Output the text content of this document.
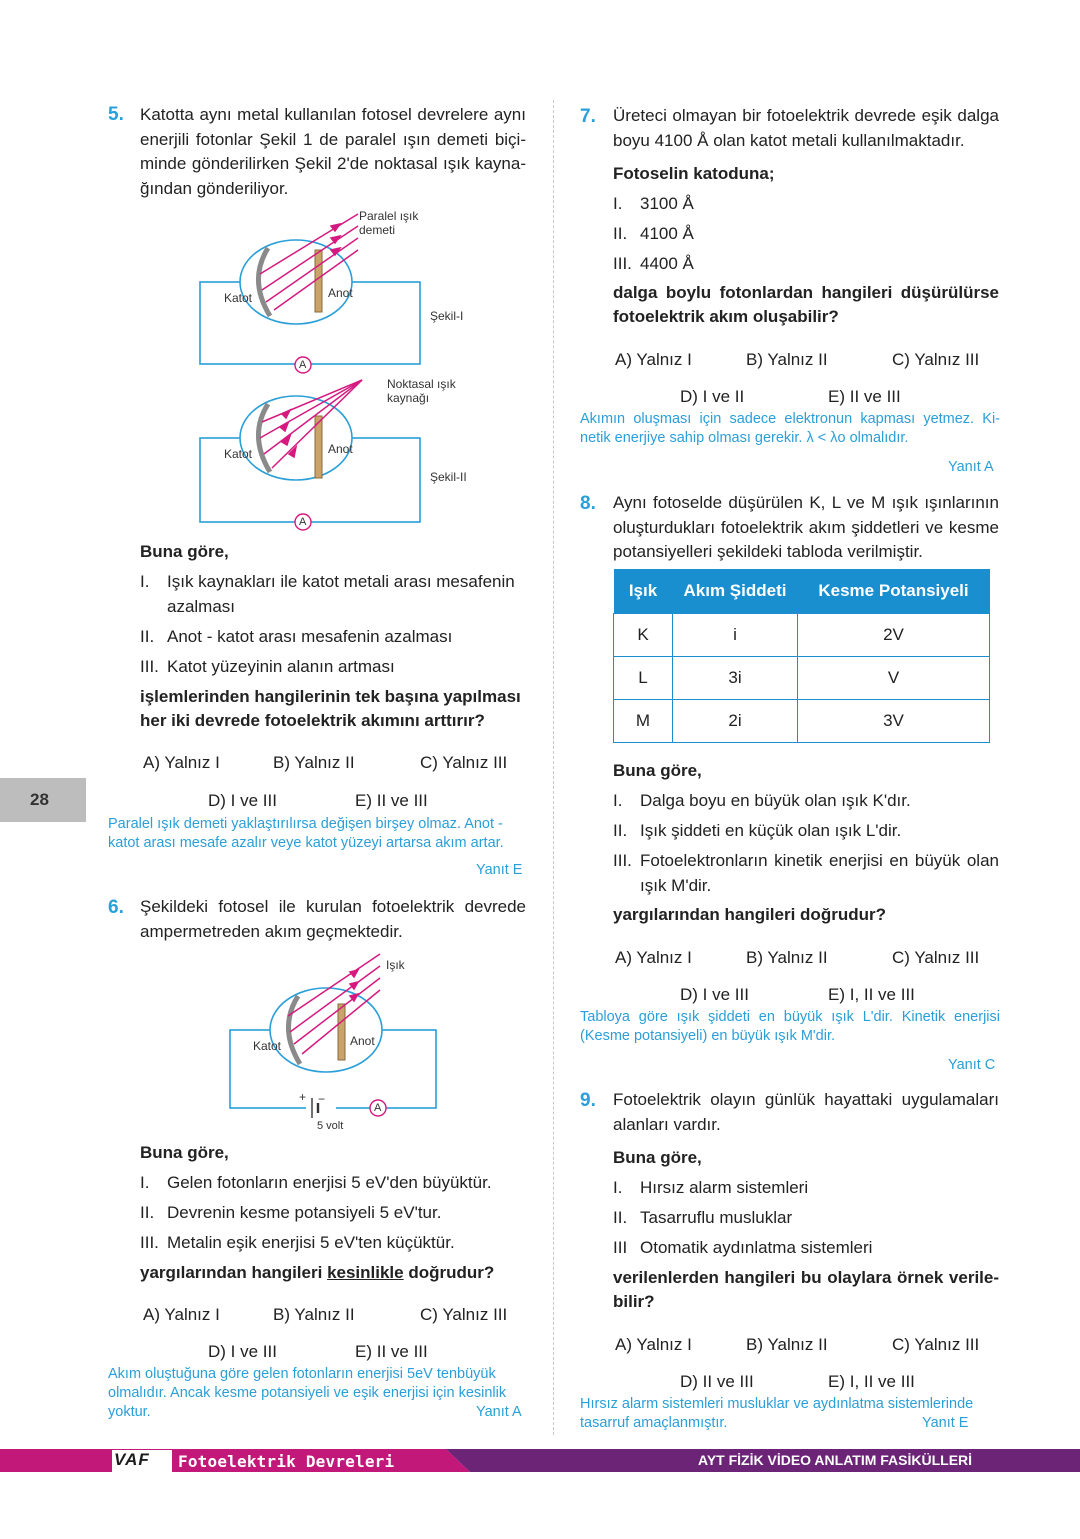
28
5. Katotta aynı metal kullanılan fotosel devrelere aynı
enerjili fotonlar Şekil 1 de paralel ışın demeti biçi-
minde gönderilirken Şekil 2'de noktasal ışık kayna-
ğından gönderiliyor.
Paralel ışık demeti
Katot	Anot
Şekil-I
A
Noktasal ışık kaynağı
Katot	Anot
Şekil-II
A
Buna göre,
I. Işık kaynakları ile katot metali arası mesafenin
azalması
II. Anot - katot arası mesafenin azalması
III. Katot yüzeyinin alanın artması
işlemlerinden hangilerinin tek başına yapılması
her iki devrede fotoelektrik akımını arttırır?
A) Yalnız I	B) Yalnız II	C) Yalnız III
D) I ve III	E) II ve III
Paralel ışık demeti yaklaştırılırsa değişen birşey olmaz. Anot -
katot arası mesafe azalır veye katot yüzeyi artarsa akım artar.
Yanıt E
6. Şekildeki fotosel ile kurulan fotoelektrik devrede
ampermetreden akım geçmektedir.
Işık
Katot	Anot
+ −
5 volt
A
Buna göre,
I. Gelen fotonların enerjisi 5 eV'den büyüktür.
II. Devrenin kesme potansiyeli 5 eV'tur.
III. Metalin eşik enerjisi 5 eV'ten küçüktür.
yargılarından hangileri kesinlikle doğrudur?
A) Yalnız I	B) Yalnız II	C) Yalnız III
D) I ve III	E) II ve III
Akım oluştuğuna göre gelen fotonların enerjisi 5eV tenbüyük
olmalıdır. Ancak kesme potansiyeli ve eşik enerjisi için kesinlik
yoktur.	Yanıt A
7. Üreteci olmayan bir fotoelektrik devrede eşik dalga
boyu 4100 Å olan katot metali kullanılmaktadır.
Fotoselin katoduna;
I. 3100 Å
II. 4100 Å
III. 4400 Å
dalga boylu fotonlardan hangileri düşürülürse
fotoelektrik akım oluşabilir?
A) Yalnız I	B) Yalnız II	C) Yalnız III
D) I ve II	E) II ve III
Akımın oluşması için sadece elektronun kapması yetmez. Ki-
netik enerjiye sahip olması gerekir. λ < λo olmalıdır.
Yanıt A
8. Aynı fotoselde düşürülen K, L ve M ışık ışınlarının
oluşturdukları fotoelektrik akım şiddetleri ve kesme
potansiyelleri şekildeki tabloda verilmiştir.
Işık	Akım Şiddeti	Kesme Potansiyeli
K	i	2V
L	3i	V
M	2i	3V
Buna göre,
I. Dalga boyu en büyük olan ışık K'dır.
II. Işık şiddeti en küçük olan ışık L'dir.
III. Fotoelektronların kinetik enerjisi en büyük olan
ışık M'dir.
yargılarından hangileri doğrudur?
A) Yalnız I	B) Yalnız II	C) Yalnız III
D) I ve III	E) I, II ve III
Tabloya göre ışık şiddeti en büyük ışık L'dir. Kinetik enerjisi
(Kesme potansiyeli) en büyük ışık M'dir.
Yanıt C
9. Fotoelektrik olayın günlük hayattaki uygulamaları
alanları vardır.
Buna göre,
I. Hırsız alarm sistemleri
II. Tasarruflu musluklar
III Otomatik aydınlatma sistemleri
verilenlerden hangileri bu olaylara örnek verile-
bilir?
A) Yalnız I	B) Yalnız II	C) Yalnız III
D) II ve III	E) I, II ve III
Hırsız alarm sistemleri musluklar ve aydınlatma sistemlerinde
tasarruf amaçlanmıştır.	Yanıt E
VAF Fotoelektrik Devreleri	AYT FİZİK VİDEO ANLATIM FASİKÜLLERİ
